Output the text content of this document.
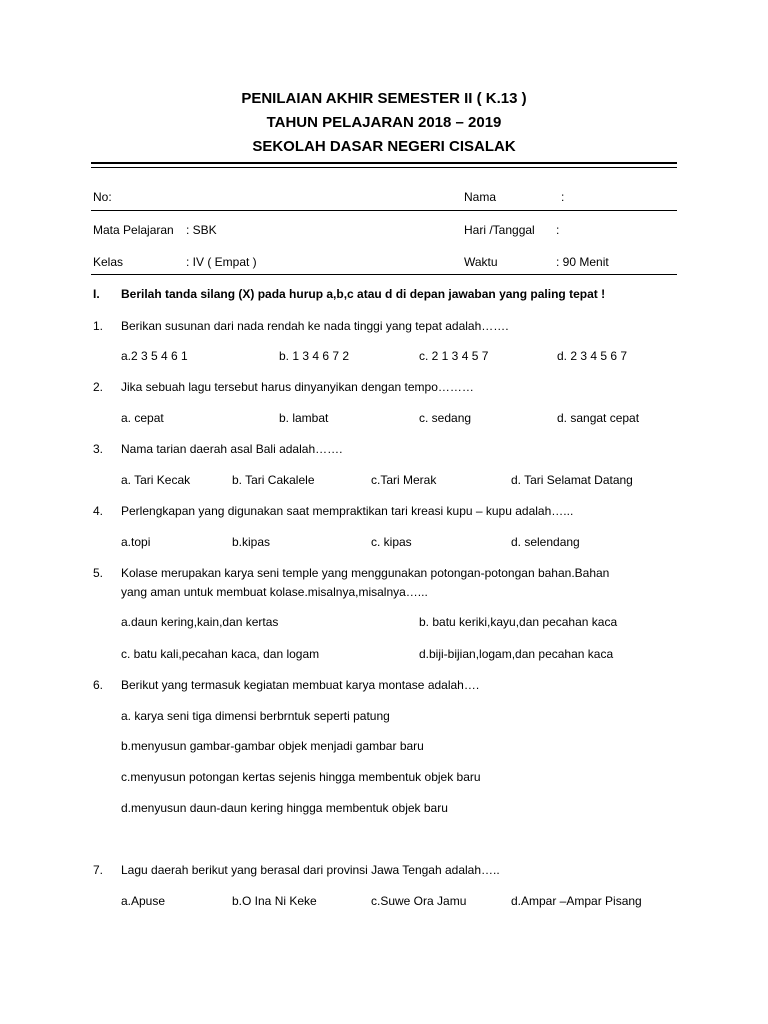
PENILAIAN AKHIR SEMESTER II ( K.13 )
TAHUN PELAJARAN 2018 – 2019
SEKOLAH DASAR NEGERI CISALAK
No:	Nama	:
Mata Pelajaran : SBK	Hari /Tanggal :
Kelas	: IV ( Empat )	Waktu	: 90 Menit
I. Berilah tanda silang (X) pada hurup a,b,c atau d di depan jawaban yang paling tepat !
1. Berikan susunan dari nada rendah ke nada tinggi yang tepat adalah…….
a.2 3 5 4 6 1	b. 1 3 4 6 7 2	c. 2 1 3 4 5 7	d. 2 3 4 5 6 7
2. Jika sebuah lagu tersebut harus dinyanyikan dengan tempo………
a. cepat	b. lambat	c. sedang	d. sangat cepat
3. Nama tarian daerah asal Bali adalah…….
a. Tari Kecak	b. Tari Cakalele	c.Tari Merak	d. Tari Selamat Datang
4. Perlengkapan yang digunakan saat mempraktikan tari kreasi kupu – kupu adalah…...
a.topi	b.kipas	c. kipas	d. selendang
5. Kolase merupakan karya seni temple yang menggunakan potongan-potongan bahan.Bahan
yang aman untuk membuat kolase.misalnya,misalnya…...
a.daun kering,kain,dan kertas	b. batu keriki,kayu,dan pecahan kaca
c. batu kali,pecahan kaca, dan logam	d.biji-bijian,logam,dan pecahan kaca
6. Berikut yang termasuk kegiatan membuat karya montase adalah….
a. karya seni tiga dimensi berbrntuk seperti patung
b.menyusun gambar-gambar objek menjadi gambar baru
c.menyusun potongan kertas sejenis hingga membentuk objek baru
d.menyusun daun-daun kering hingga membentuk objek baru
7. Lagu daerah berikut yang berasal dari provinsi Jawa Tengah adalah…..
a.Apuse	b.O Ina Ni Keke	c.Suwe Ora Jamu	d.Ampar –Ampar Pisang
